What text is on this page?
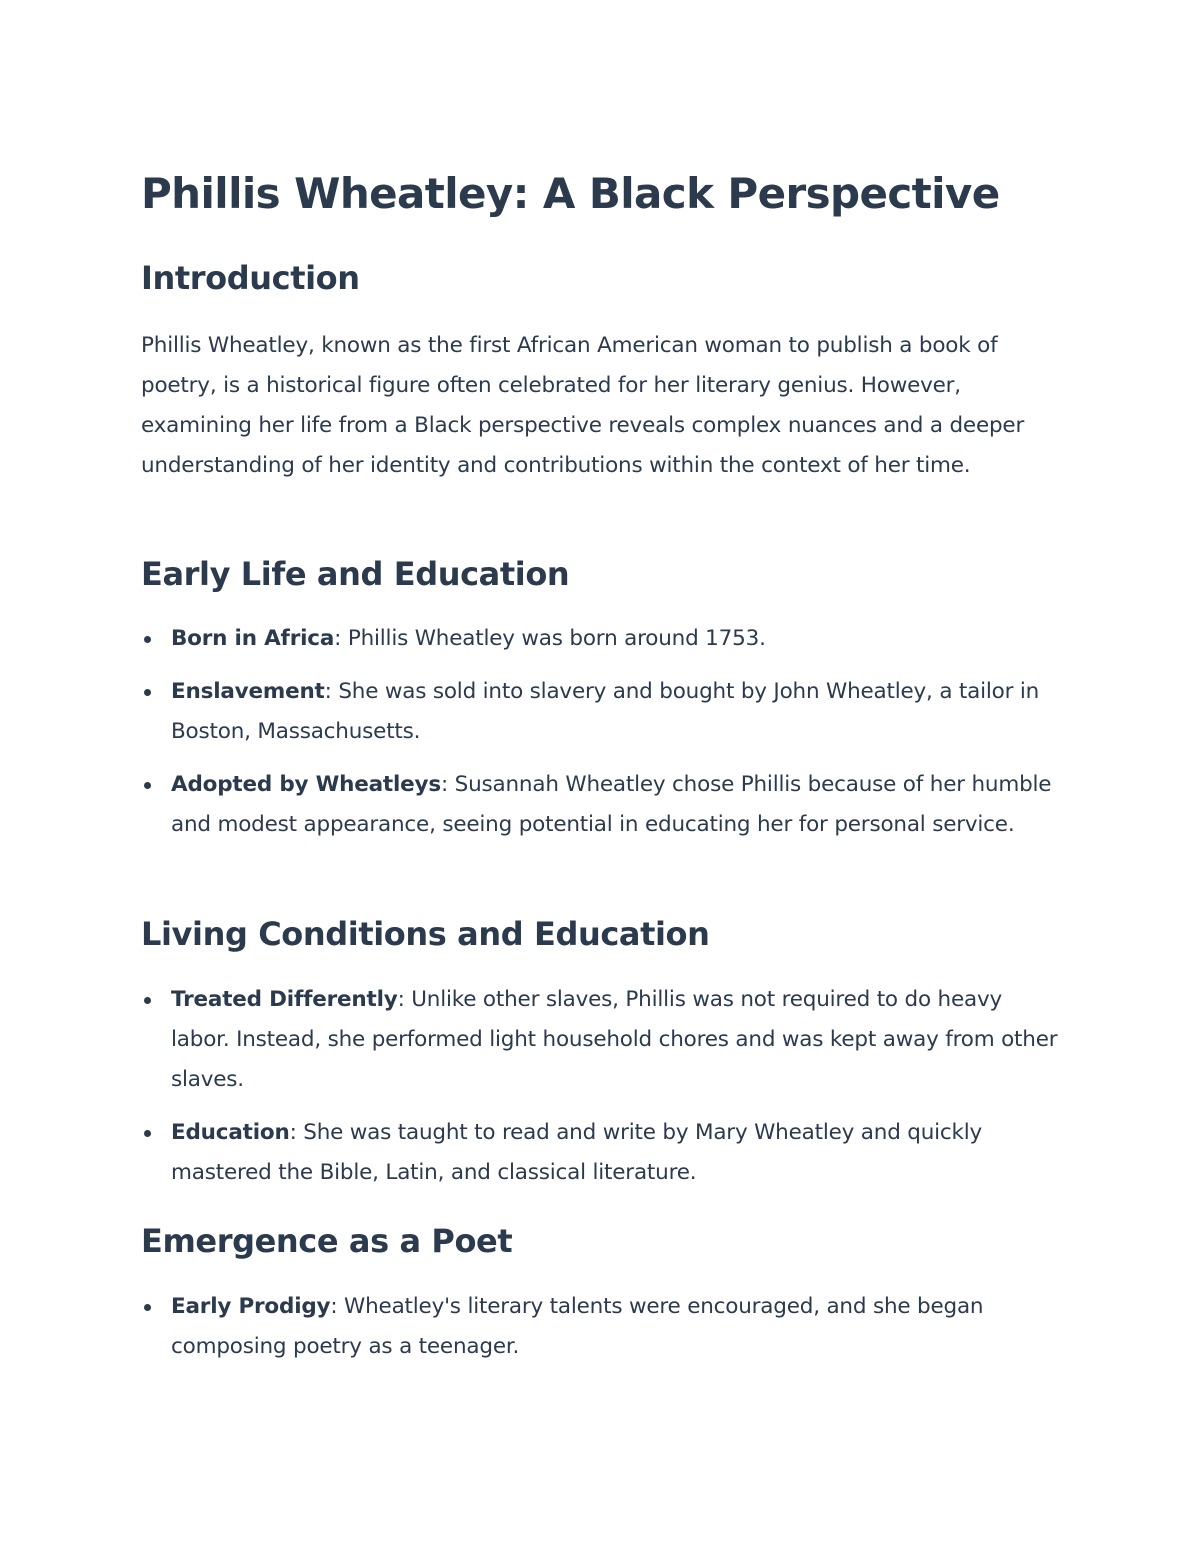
Phillis Wheatley: A Black Perspective
Introduction

Phillis Wheatley, known as the first African American woman to publish a book of poetry, is a historical figure often celebrated for her literary genius. However, examining her life from a Black perspective reveals complex nuances and a deeper understanding of her identity and contributions within the context of her time.

Early Life and Education
Born in Africa: Phillis Wheatley was born around 1753.
Enslavement: She was sold into slavery and bought by John Wheatley, a tailor in Boston, Massachusetts.
Adopted by Wheatleys: Susannah Wheatley chose Phillis because of her humble and modest appearance, seeing potential in educating her for personal service.
Living Conditions and Education
Treated Differently: Unlike other slaves, Phillis was not required to do heavy labor. Instead, she performed light household chores and was kept away from other slaves.
Education: She was taught to read and write by Mary Wheatley and quickly mastered the Bible, Latin, and classical literature.
Emergence as a Poet
Early Prodigy: Wheatley's literary talents were encouraged, and she began composing poetry as a teenager.
